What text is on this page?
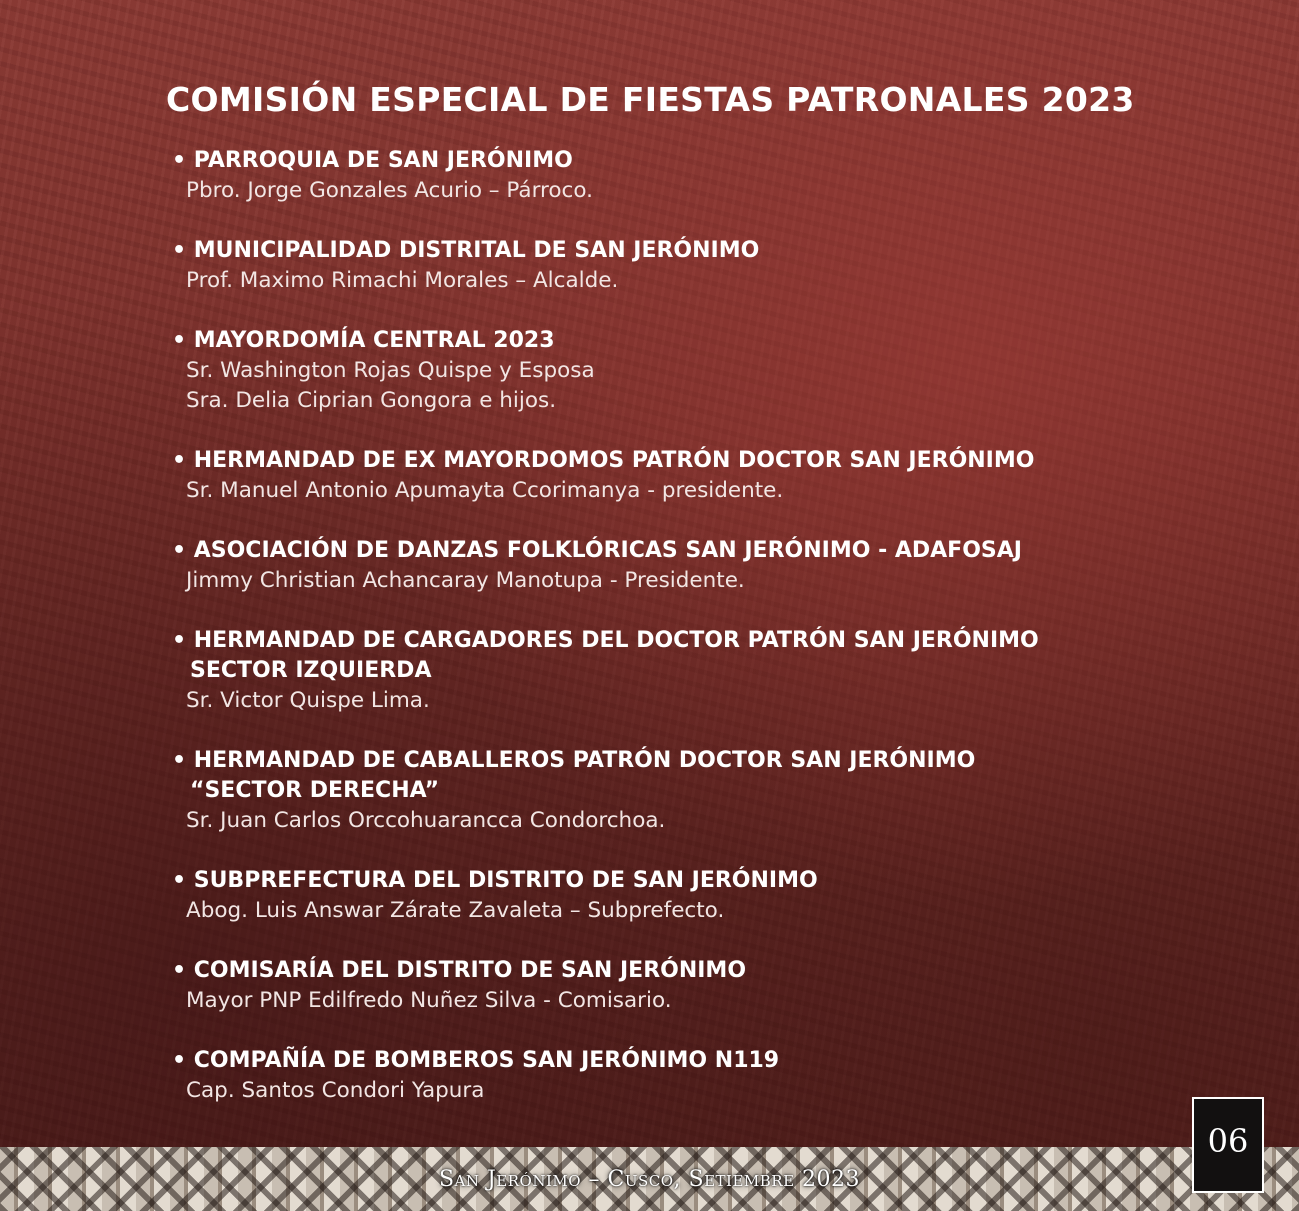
COMISIÓN ESPECIAL DE FIESTAS PATRONALES 2023
• PARROQUIA DE SAN JERÓNIMO
Pbro. Jorge Gonzales Acurio – Párroco.
• MUNICIPALIDAD DISTRITAL DE SAN JERÓNIMO
Prof. Maximo Rimachi Morales – Alcalde.
• MAYORDOMÍA CENTRAL 2023
Sr. Washington Rojas Quispe y Esposa
Sra. Delia Ciprian Gongora e hijos.
• HERMANDAD DE EX MAYORDOMOS PATRÓN DOCTOR SAN JERÓNIMO
Sr. Manuel Antonio Apumayta Ccorimanya - presidente.
• ASOCIACIÓN DE DANZAS FOLKLÓRICAS SAN JERÓNIMO - ADAFOSAJ
Jimmy Christian Achancaray Manotupa - Presidente.
• HERMANDAD DE CARGADORES DEL DOCTOR PATRÓN SAN JERÓNIMO
SECTOR IZQUIERDA
Sr. Victor Quispe Lima.
• HERMANDAD DE CABALLEROS PATRÓN DOCTOR SAN JERÓNIMO
“SECTOR DERECHA”
Sr. Juan Carlos Orccohuarancca Condorchoa.
• SUBPREFECTURA DEL DISTRITO DE SAN JERÓNIMO
Abog. Luis Answar Zárate Zavaleta – Subprefecto.
• COMISARÍA DEL DISTRITO DE SAN JERÓNIMO
Mayor PNP Edilfredo Nuñez Silva - Comisario.
• COMPAÑÍA DE BOMBEROS SAN JERÓNIMO N119
Cap. Santos Condori Yapura
San Jerónimo – Cusco, Setiembre 2023
06
